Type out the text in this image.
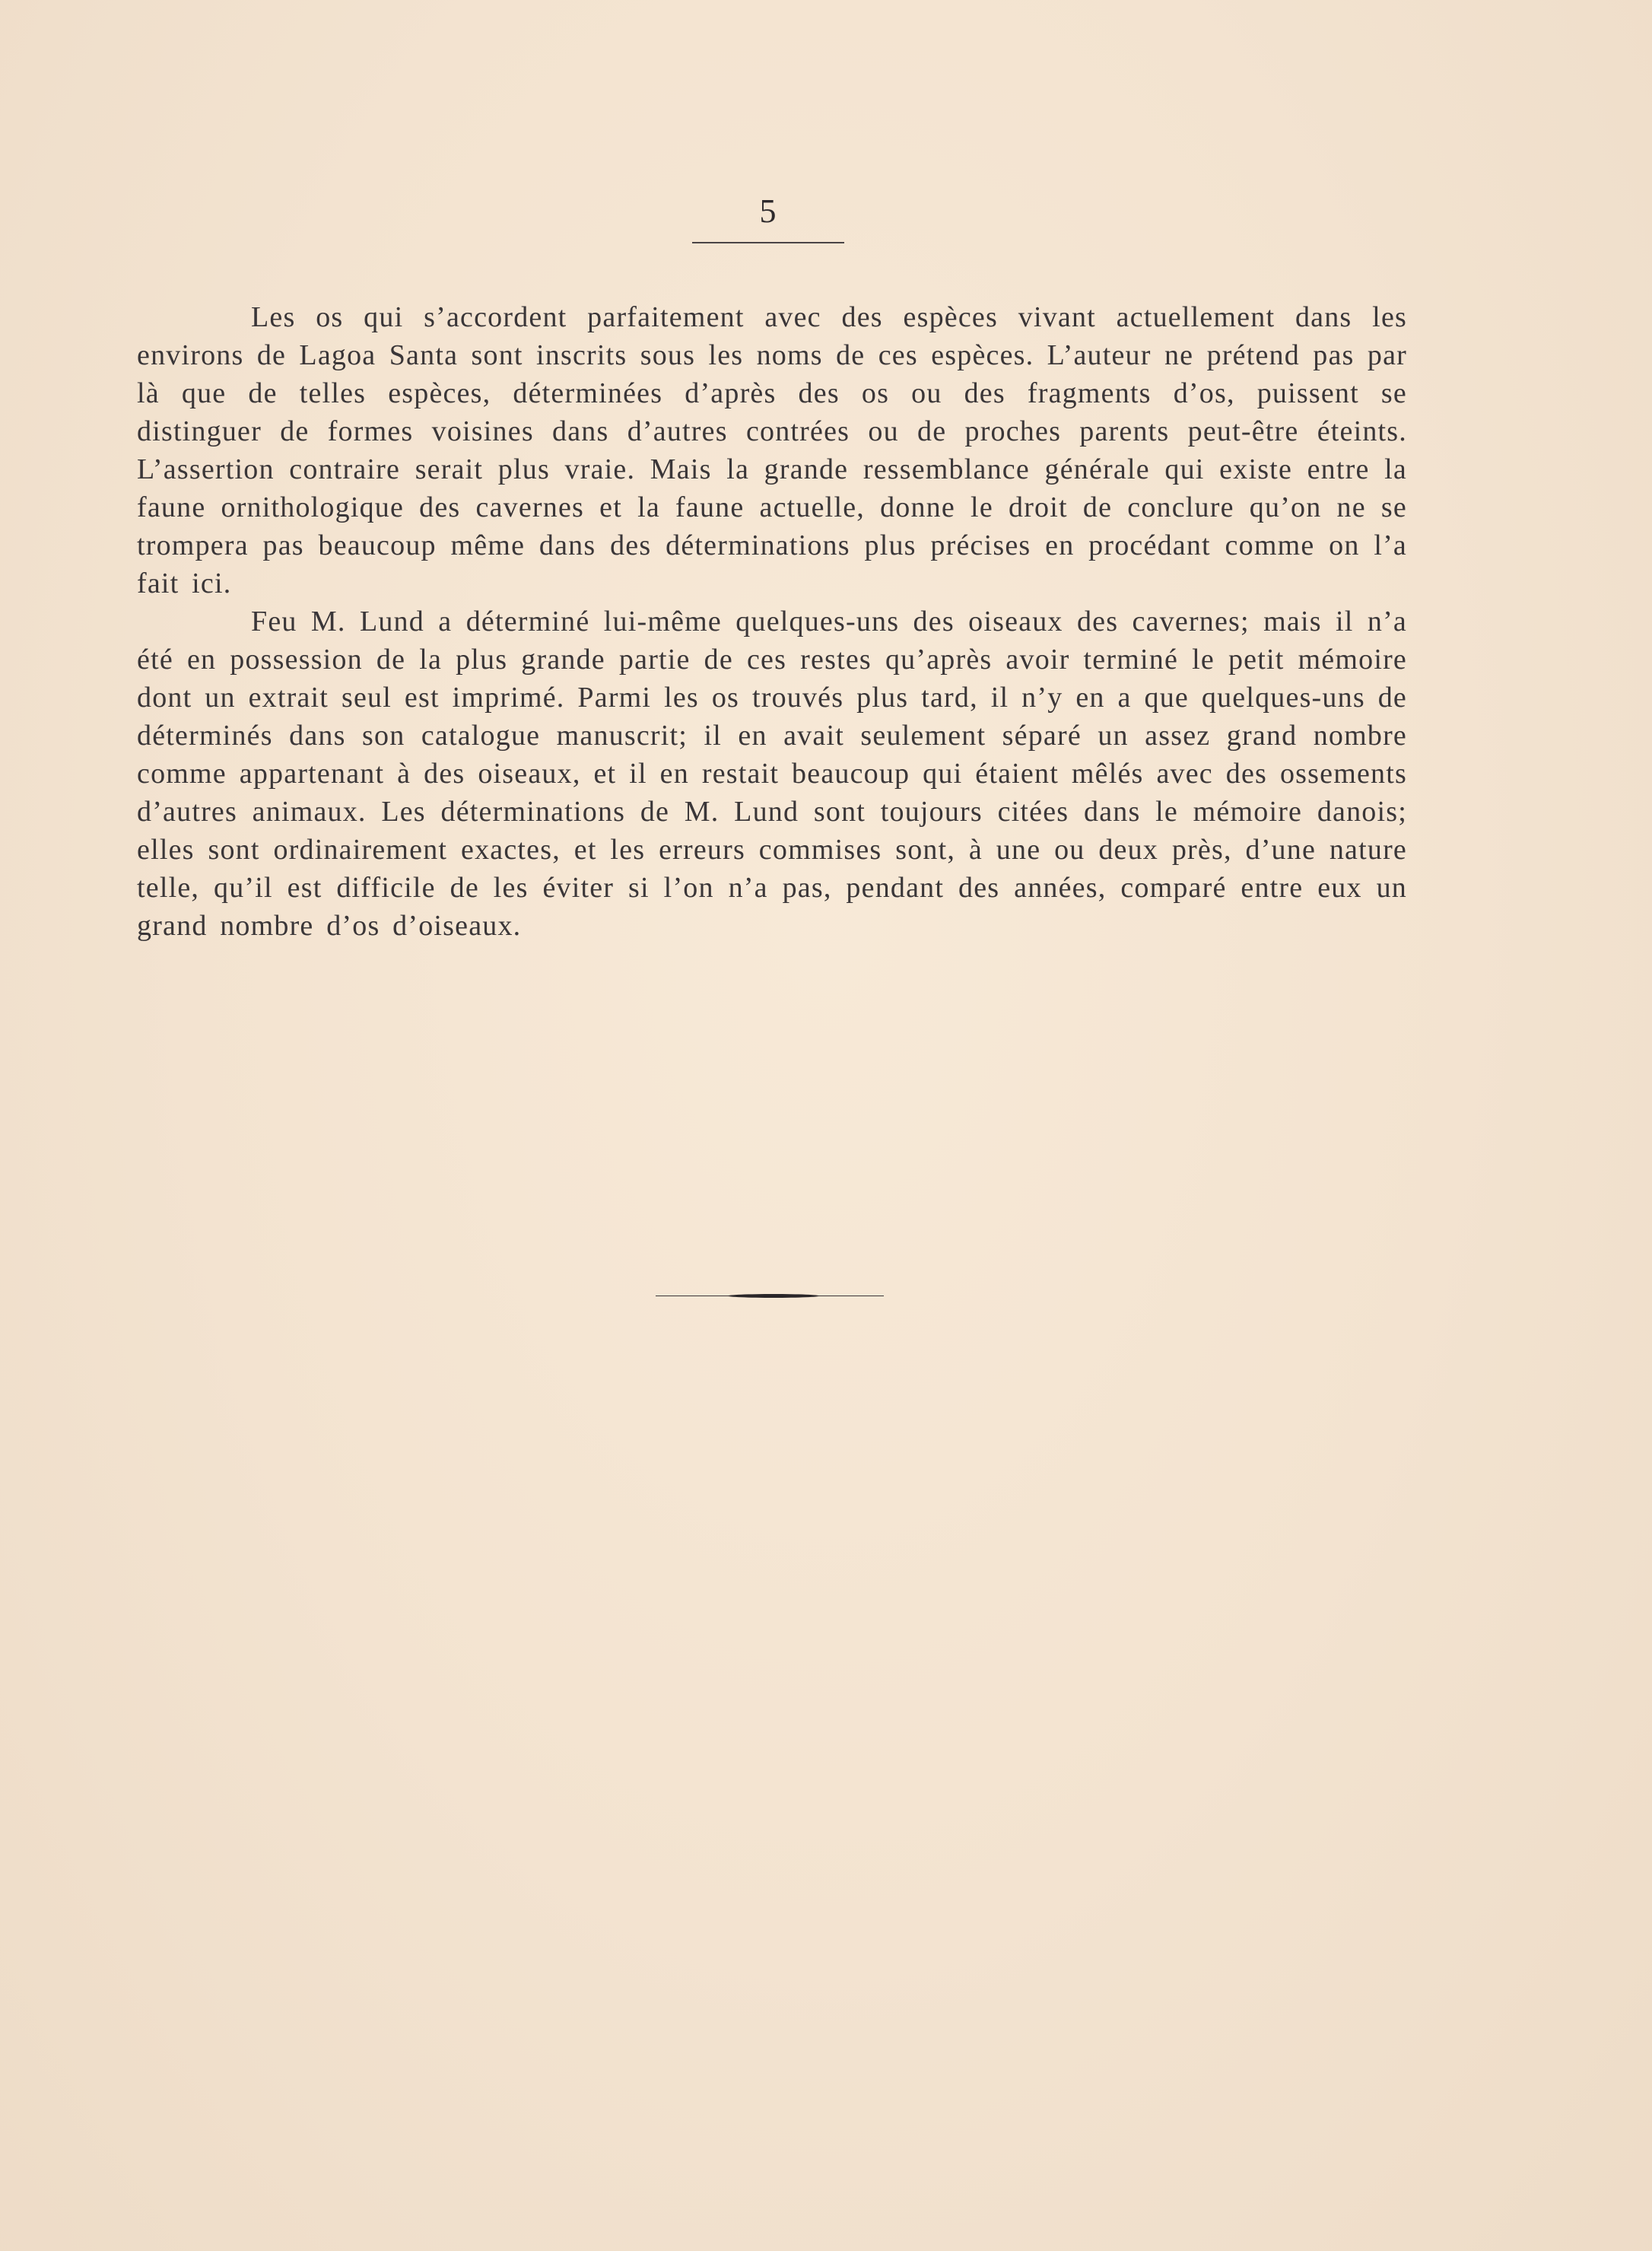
5

Les os qui s’accordent parfaitement avec des espèces vivant actuellement dans les environs de Lagoa Santa sont inscrits sous les noms de ces espèces. L’auteur ne prétend pas par là que de telles espèces, déterminées d’après des os ou des fragments d’os, puissent se distinguer de formes voisines dans d’autres contrées ou de proches parents peut-être éteints. L’assertion contraire serait plus vraie. Mais la grande ressemblance générale qui existe entre la faune ornithologique des cavernes et la faune actuelle, donne le droit de conclure qu’on ne se trompera pas beaucoup même dans des déterminations plus précises en procédant comme on l’a fait ici.

Feu M. Lund a déterminé lui-même quelques-uns des oiseaux des cavernes; mais il n’a été en possession de la plus grande partie de ces restes qu’après avoir terminé le petit mémoire dont un extrait seul est imprimé. Parmi les os trouvés plus tard, il n’y en a que quelques-uns de déterminés dans son catalogue manuscrit; il en avait seulement séparé un assez grand nombre comme appartenant à des oiseaux, et il en restait beaucoup qui étaient mêlés avec des ossements d’autres animaux. Les déterminations de M. Lund sont toujours citées dans le mémoire danois; elles sont ordinairement exactes, et les erreurs commises sont, à une ou deux près, d’une nature telle, qu’il est difficile de les éviter si l’on n’a pas, pendant des années, comparé entre eux un grand nombre d’os d’oiseaux.
